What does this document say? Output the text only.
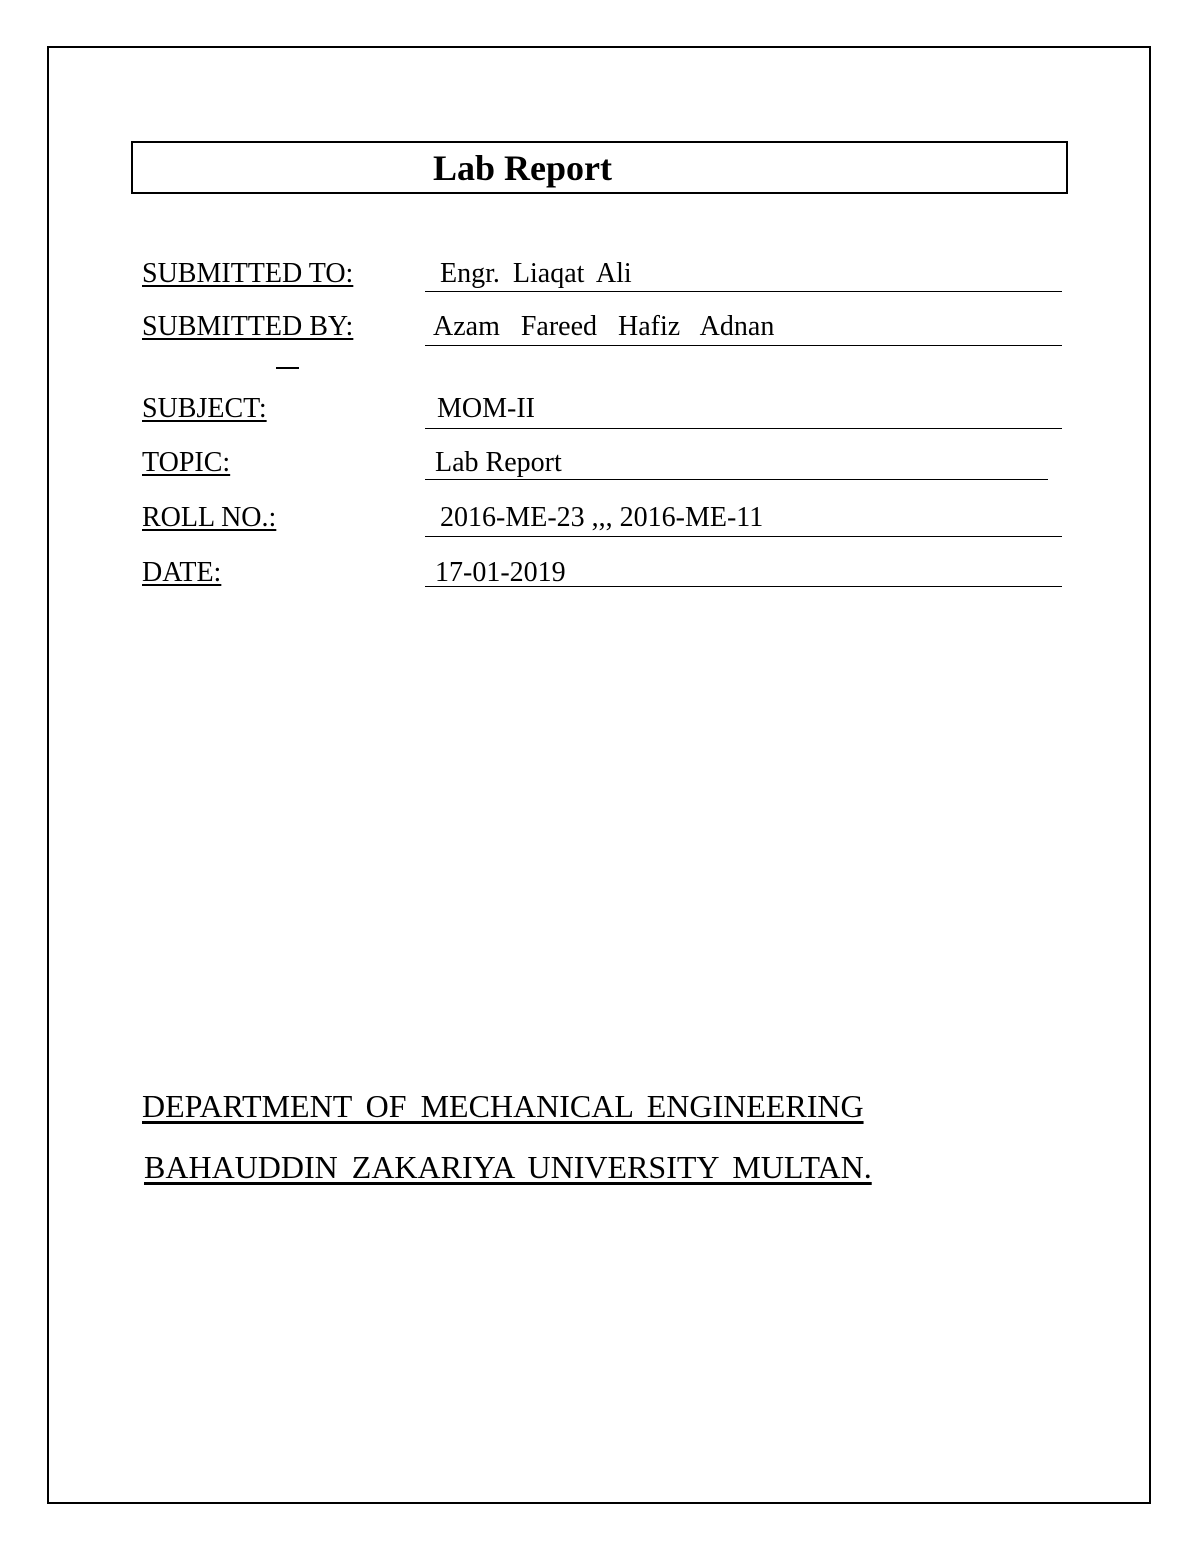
Lab Report
SUBMITTED TO:	Engr. Liaqat Ali
SUBMITTED BY:	Azam Fareed Hafiz Adnan
SUBJECT:	MOM-II
TOPIC:	Lab Report
ROLL NO.:	2016-ME-23 ,,, 2016-ME-11
DATE:	17-01-2019
DEPARTMENT OF MECHANICAL ENGINEERING
BAHAUDDIN ZAKARIYA UNIVERSITY MULTAN.
